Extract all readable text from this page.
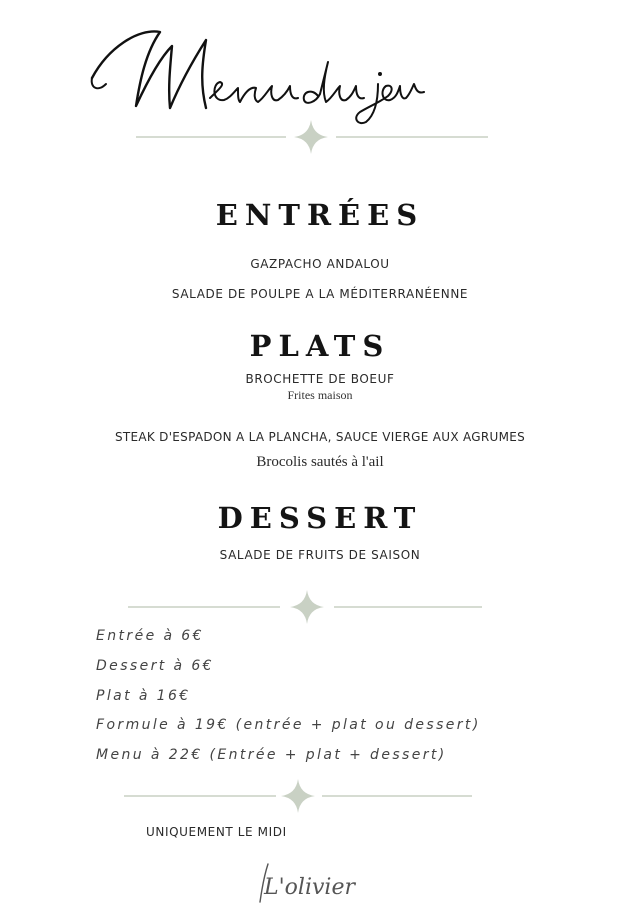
ENTRÉES
GAZPACHO ANDALOU
SALADE DE POULPE A LA MÉDITERRANÉENNE
PLATS
BROCHETTE DE BOEUF
Frites maison
STEAK D'ESPADON A LA PLANCHA, SAUCE VIERGE AUX AGRUMES
Brocolis sautés à l'ail
DESSERT
SALADE DE FRUITS DE SAISON
Entrée à 6€
Dessert à 6€
Plat à 16€
Formule à 19€ (entrée + plat ou dessert)
Menu à 22€ (Entrée + plat + dessert)
UNIQUEMENT LE MIDI
L'olivier
